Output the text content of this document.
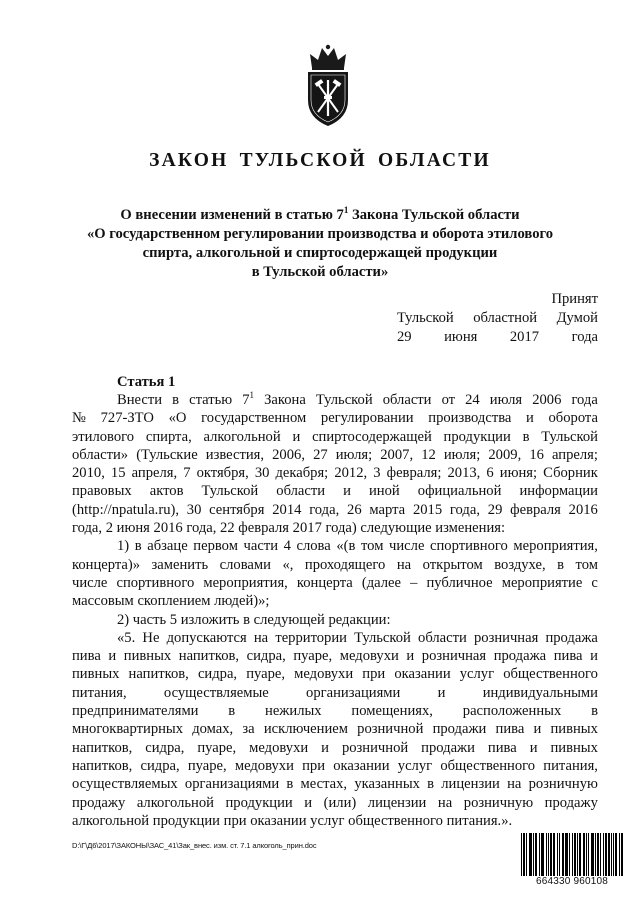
ЗАКОН ТУЛЬСКОЙ ОБЛАСТИ
О внесении изменений в статью $7^1$ Закона Тульской области
«О государственном регулировании производства и оборота этилового
спирта, алкогольной и спиртосодержащей продукции
в Тульской области»
Принят
Тульской областной Думой
29 июня 2017 года
Статья 1
Внести в статью $7^1$ Закона Тульской области от 24 июля 2006 года
№ 727-ЗТО «О государственном регулировании производства и оборота
этилового спирта, алкогольной и спиртосодержащей продукции в Тульской
области» (Тульские известия, 2006, 27 июля; 2007, 12 июля; 2009, 16 апреля;
2010, 15 апреля, 7 октября, 30 декабря; 2012, 3 февраля; 2013, 6 июня; Сборник
правовых актов Тульской области и иной официальной информации
(http://npatula.ru), 30 сентября 2014 года, 26 марта 2015 года, 29 февраля 2016
года, 2 июня 2016 года, 22 февраля 2017 года) следующие изменения:
1) в абзаце первом части 4 слова «(в том числе спортивного мероприятия,
концерта)» заменить словами «, проходящего на открытом воздухе, в том
числе спортивного мероприятия, концерта (далее – публичное мероприятие с
массовым скоплением людей)»;
2) часть 5 изложить в следующей редакции:
«5. Не допускаются на территории Тульской области розничная продажа
пива и пивных напитков, сидра, пуаре, медовухи и розничная продажа пива и
пивных напитков, сидра, пуаре, медовухи при оказании услуг общественного
питания,	осуществляемые	организациями	и	индивидуальными
предпринимателями в нежилых помещениях, расположенных в
многоквартирных домах, за исключением розничной продажи пива и пивных
напитков, сидра, пуаре, медовухи и розничной продажи пива и пивных
напитков, сидра, пуаре, медовухи при оказании услуг общественного питания,
осуществляемых организациями в местах, указанных в лицензии на розничную
продажу алкогольной продукции и (или) лицензии на розничную продажу
алкогольной продукции при оказании услуг общественного питания.».
D:\Г\Д6\2017\ЗАКОНЫ\ЗАС_41\Зак_внес. изм. ст. 7.1 алкоголь_прин.doc
664330 960108
